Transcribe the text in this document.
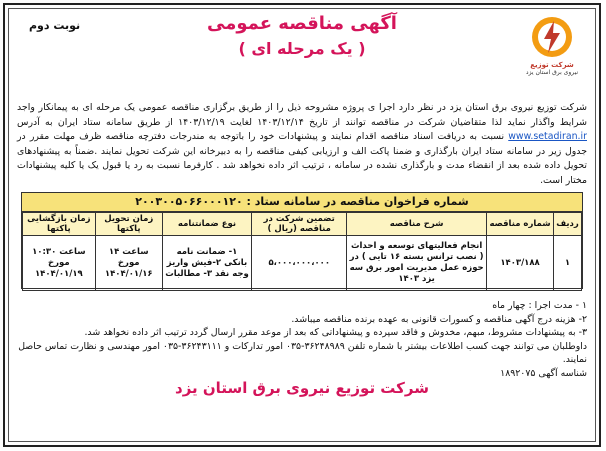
نوبت دوم
شرکت توزیع
نیروی برق استان یزد
آگهی مناقصه عمومی
( یک مرحله ای )
شرکت توزیع نیروی برق استان یزد در نظر دارد اجرا ی پروژه مشروحه ذیل را از طریق برگزاری مناقصه عمومی یک مرحله ای به پیمانکار واجد شرایط واگذار نماید لذا متقاضیان شرکت در مناقصه توانند از تاریخ ۱۴۰۳/۱۲/۱۴ لغایت ۱۴۰۳/۱۲/۱۹ از طریق سامانه ستاد ایران به آدرس www.setadiran.ir نسبت به دریافت اسناد مناقصه اقدام نمایند و پیشنهادات خود را باتوجه به مندرجات دفترچه مناقصه ظرف مهلت مقرر در جدول زیر در سامانه ستاد ایران بارگذاری و ضمنا پاکت الف و ارزیابی کیفی مناقصه را به دبیرخانه این شرکت تحویل نمایند .ضمناً به پیشنهادهای تحویل داده شده بعد از انقضاء مدت و بارگذاری نشده در سامانه ، ترتیب اثر داده نخواهد شد . کارفرما نسبت به رد یا قبول یک یا کلیه پیشنهادات مختار است.
شماره فراخوان مناقصه در سامانه ستاد : ۲۰۰۳۰۰۵۰۶۶۰۰۰۱۲۰
ردیف	شماره مناقصه	شرح مناقصه	تضمین شرکت در مناقصه (ریال )	نوع ضمانتنامه	زمان تحویل پاکتها	زمان بازگشایی پاکتها
۱	۱۴۰۳/۱۸۸	انجام فعالیتهای توسعه و احداث ( نصب ترانس بسته ۱۶ تایی ) در حوزه عمل مدیریت امور برق سه یزد ۱۴۰۳	۵،۰۰۰،۰۰۰،۰۰۰	۱- ضمانت نامه بانکی ۲-فیش واریز وجه نقد ۳- مطالبات	ساعت ۱۴ مورخ ۱۴۰۴/۰۱/۱۶	ساعت ۱۰:۳۰ مورخ ۱۴۰۴/۰۱/۱۹
۱ - مدت اجرا : چهار ماه
۲- هزینه درج آگهی مناقصه و کسورات قانونی به عهده برنده مناقصه میباشد.
۳- به پیشنهادات مشروط، مبهم، مخدوش و فاقد سپرده و پیشنهاداتی که بعد از موعد مقرر ارسال گردد ترتیب اثر داده نخواهد شد.
داوطلبان می توانند جهت کسب اطلاعات بیشتر با شماره تلفن ۳۶۲۴۸۹۸۹-۰۳۵ امور تدارکات و ۳۶۲۴۳۱۱۱-۰۳۵ امور مهندسی و نظارت تماس حاصل نمایند.
شناسه آگهی ۱۸۹۲۰۷۵
شرکت توزیع نیروی برق استان یزد
